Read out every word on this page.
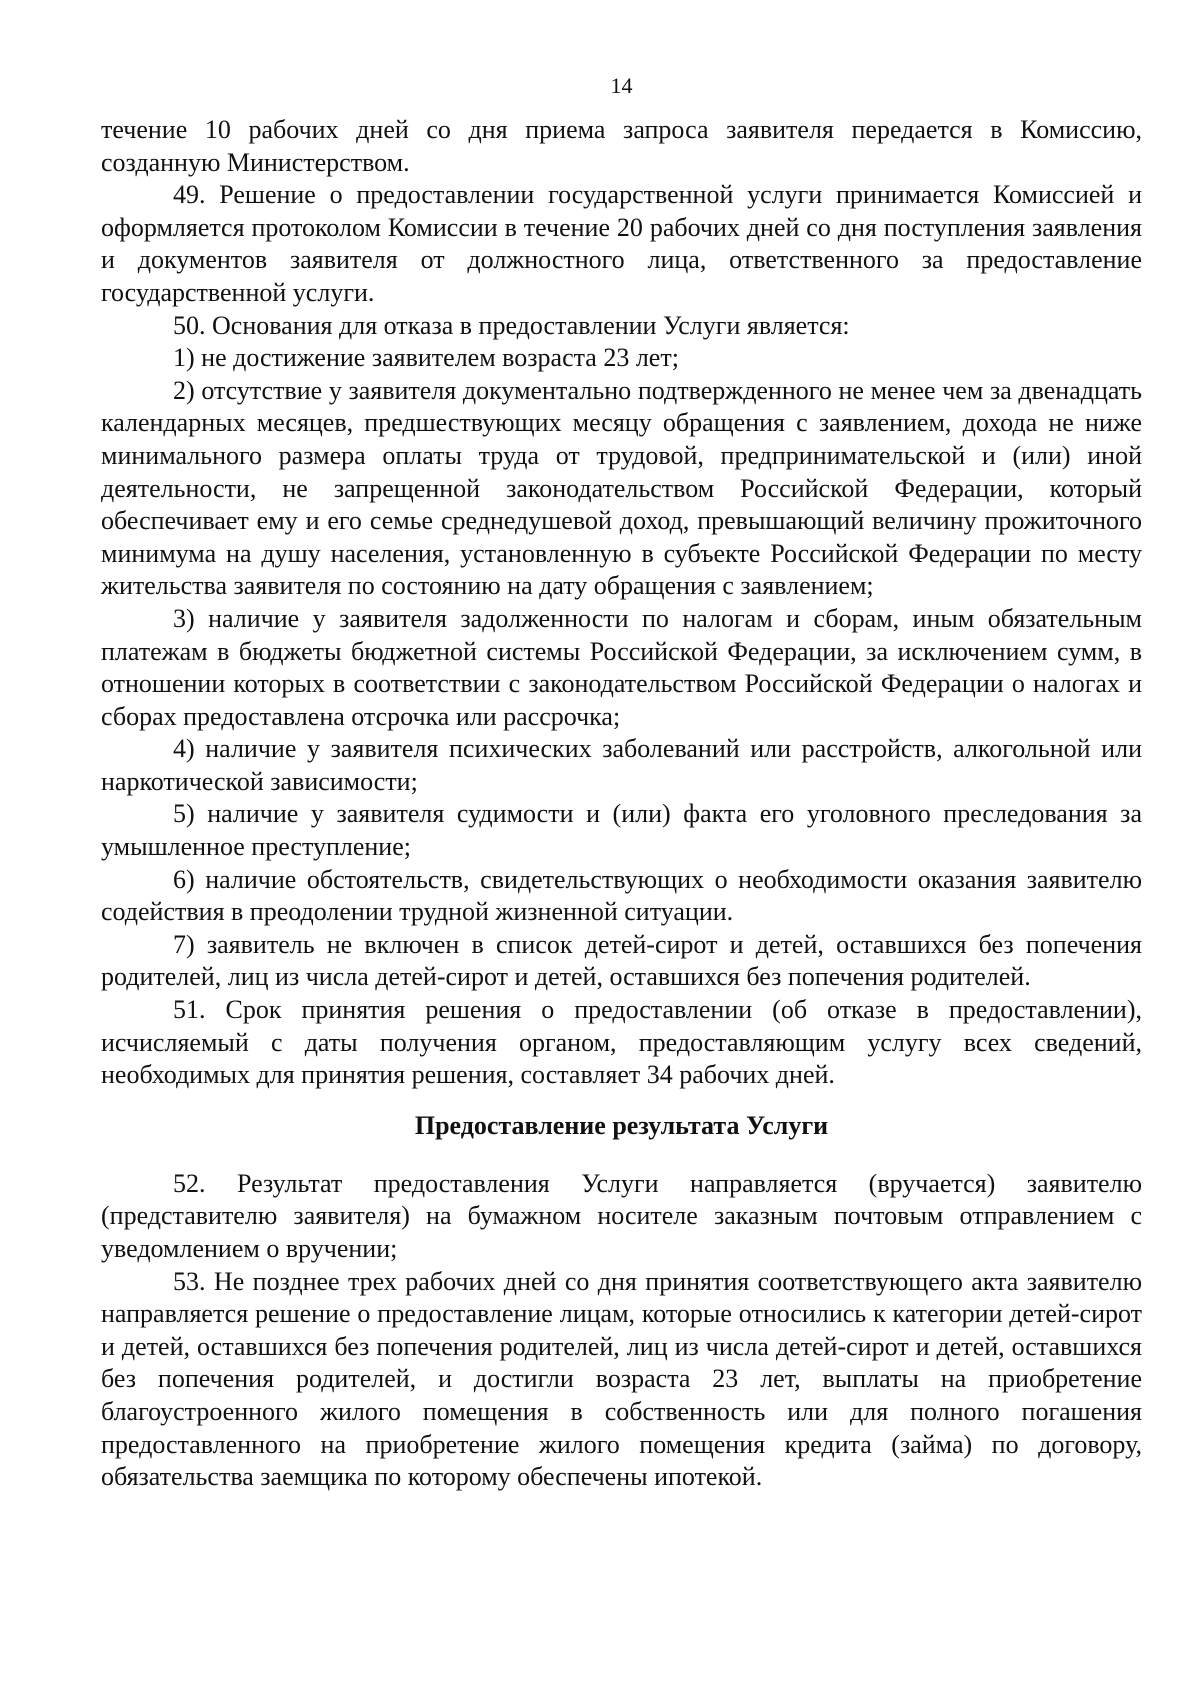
14

течение 10 рабочих дней со дня приема запроса заявителя передается в Комиссию, созданную Министерством.

49. Решение о предоставлении государственной услуги принимается Комиссией и оформляется протоколом Комиссии в течение 20 рабочих дней со дня поступления заявления и документов заявителя от должностного лица, ответственного за предоставление государственной услуги.

50. Основания для отказа в предоставлении Услуги является:

1) не достижение заявителем возраста 23 лет;

2) отсутствие у заявителя документально подтвержденного не менее чем за двенадцать календарных месяцев, предшествующих месяцу обращения с заявлением, дохода не ниже минимального размера оплаты труда от трудовой, предпринимательской и (или) иной деятельности, не запрещенной законодательством Российской Федерации, который обеспечивает ему и его семье среднедушевой доход, превышающий величину прожиточного минимума на душу населения, установленную в субъекте Российской Федерации по месту жительства заявителя по состоянию на дату обращения с заявлением;

3) наличие у заявителя задолженности по налогам и сборам, иным обязательным платежам в бюджеты бюджетной системы Российской Федерации, за исключением сумм, в отношении которых в соответствии с законодательством Российской Федерации о налогах и сборах предоставлена отсрочка или рассрочка;

4) наличие у заявителя психических заболеваний или расстройств, алкогольной или наркотической зависимости;

5) наличие у заявителя судимости и (или) факта его уголовного преследования за умышленное преступление;

6) наличие обстоятельств, свидетельствующих о необходимости оказания заявителю содействия в преодолении трудной жизненной ситуации.

7) заявитель не включен в список детей-сирот и детей, оставшихся без попечения родителей, лиц из числа детей-сирот и детей, оставшихся без попечения родителей.

51. Срок принятия решения о предоставлении (об отказе в предоставлении), исчисляемый с даты получения органом, предоставляющим услугу всех сведений, необходимых для принятия решения, составляет 34 рабочих дней.

Предоставление результата Услуги

52. Результат предоставления Услуги направляется (вручается) заявителю (представителю заявителя) на бумажном носителе заказным почтовым отправлением с уведомлением о вручении;

53. Не позднее трех рабочих дней со дня принятия соответствующего акта заявителю направляется решение о предоставление лицам, которые относились к категории детей-сирот и детей, оставшихся без попечения родителей, лиц из числа детей-сирот и детей, оставшихся без попечения родителей, и достигли возраста 23 лет, выплаты на приобретение благоустроенного жилого помещения в собственность или для полного погашения предоставленного на приобретение жилого помещения кредита (займа) по договору, обязательства заемщика по которому обеспечены ипотекой.
